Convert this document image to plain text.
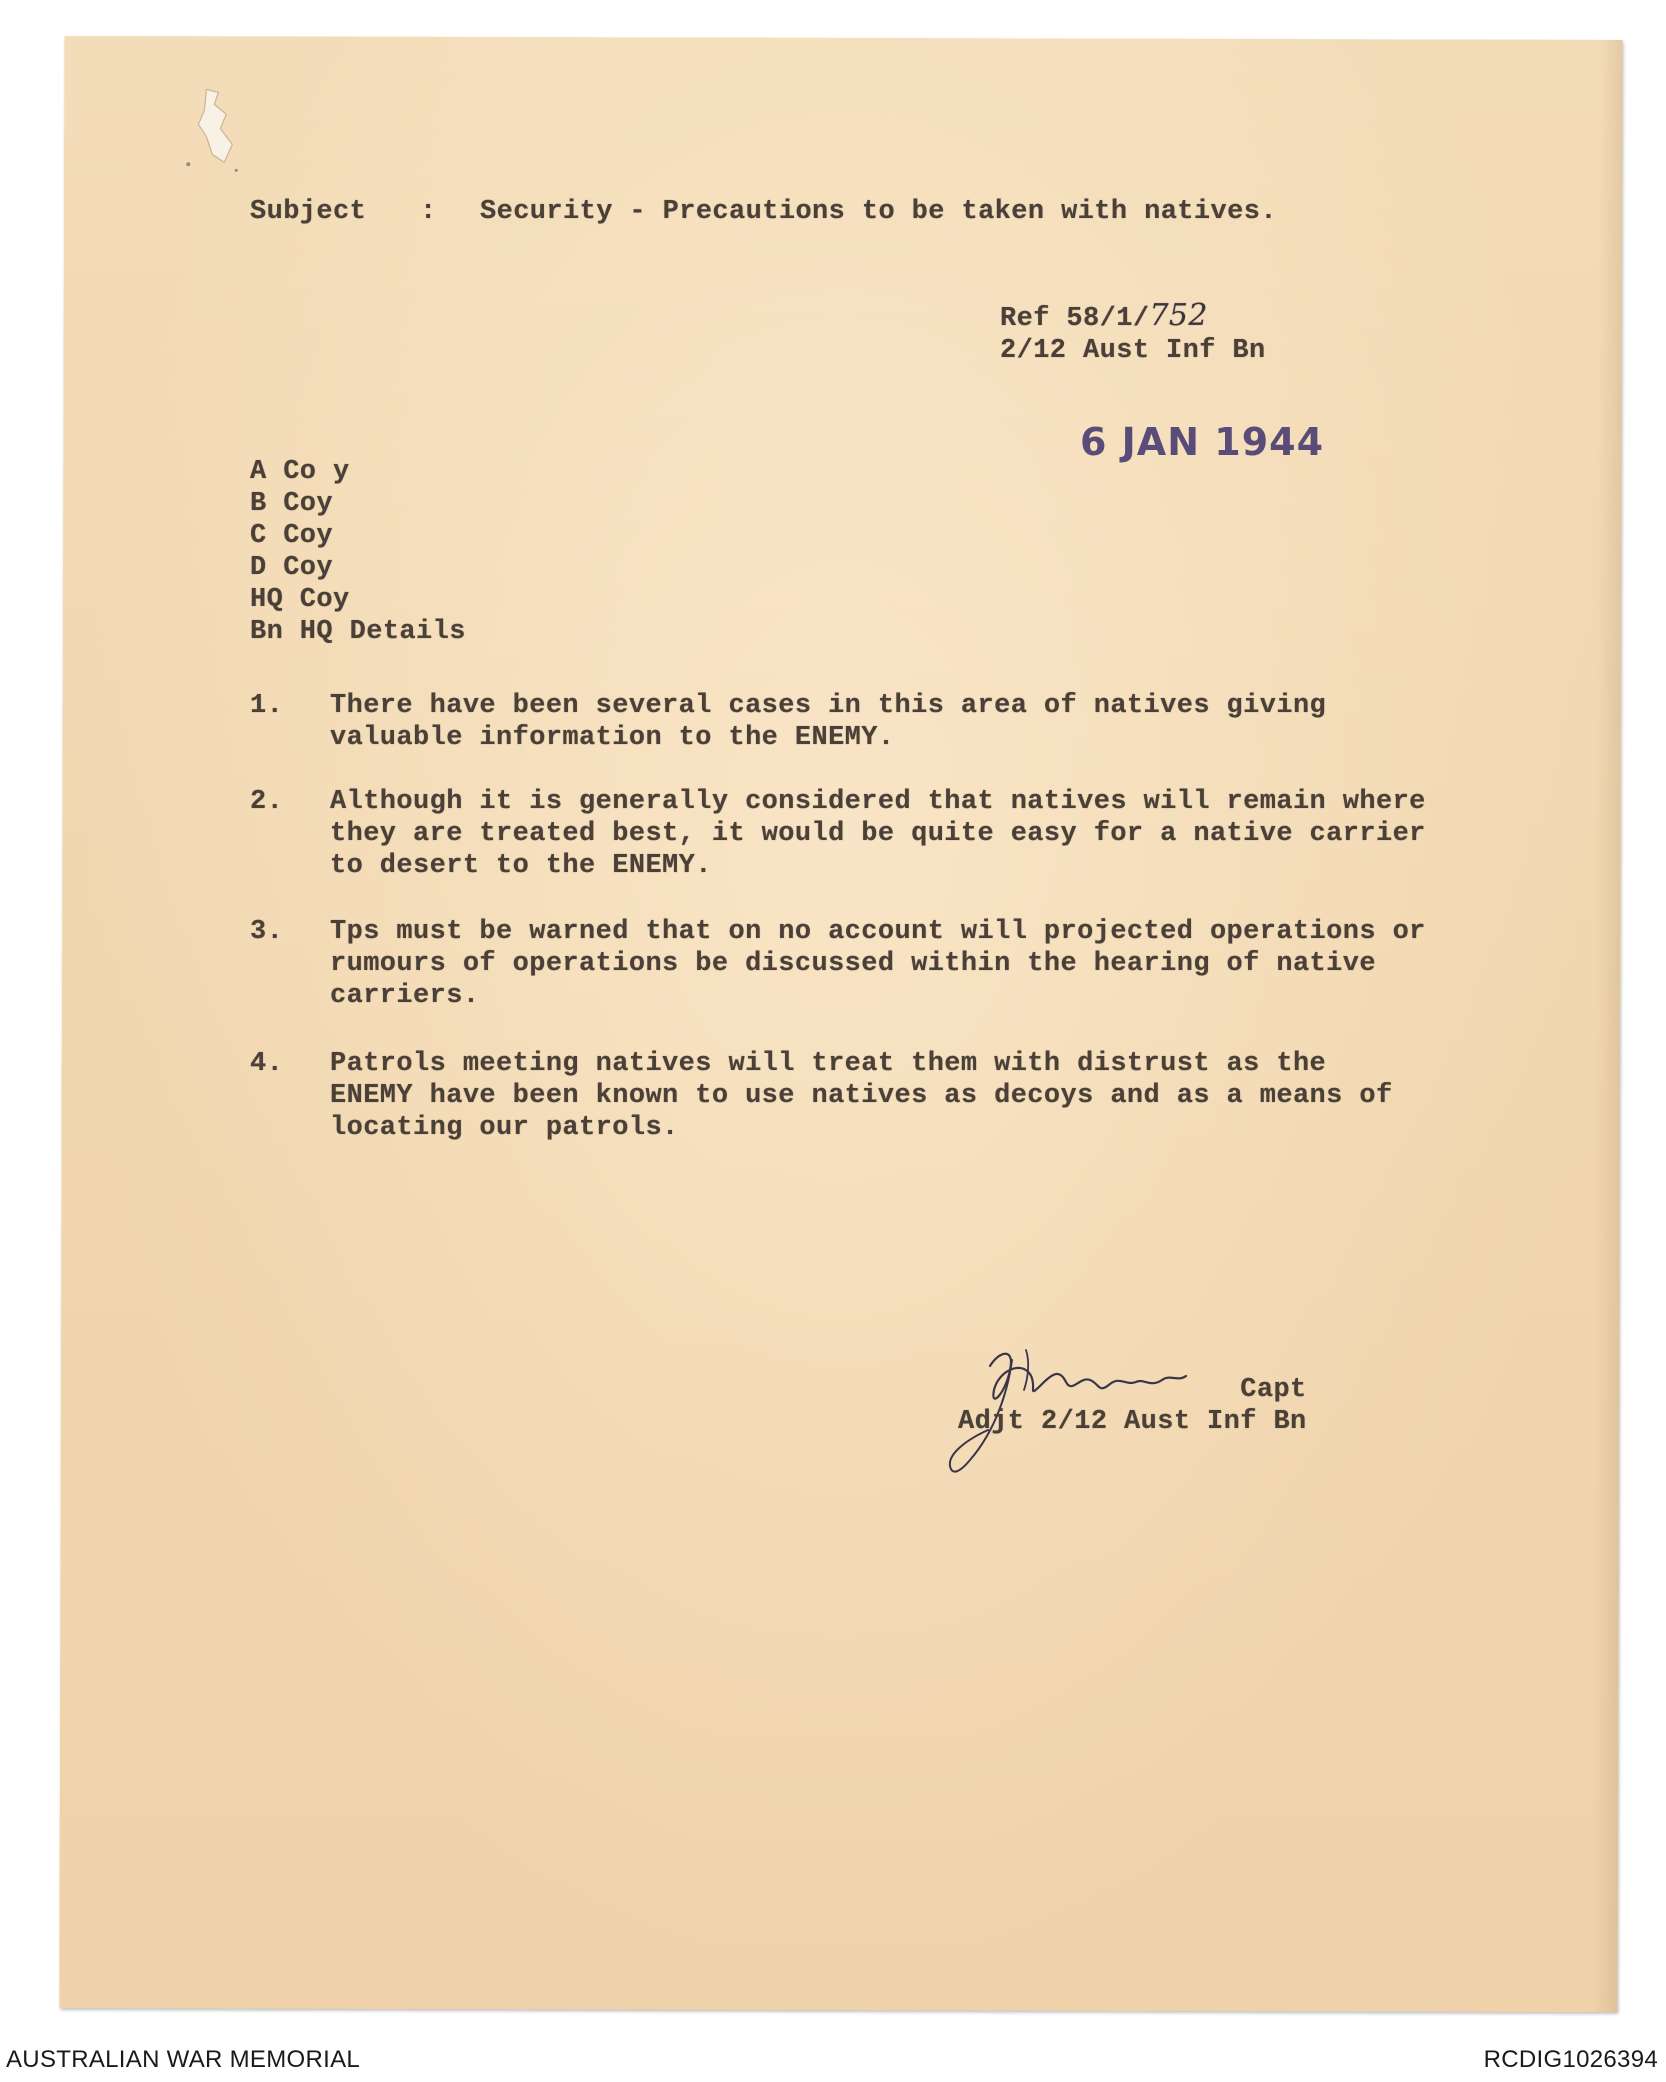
Subject : Security - Precautions to be taken with natives.
Ref 58/1/752
2/12 Aust Inf Bn
6 JAN 1944
A Co y
B Coy
C Coy
D Coy
HQ Coy
Bn HQ Details

1.

There have been several cases in this area of natives giving
valuable information to the ENEMY.

2.

Although it is generally considered that natives will remain where
they are treated best, it would be quite easy for a native carrier
to desert to the ENEMY.

3.

Tps must be warned that on no account will projected operations or
rumours of operations be discussed within the hearing of native
carriers.

4.

Patrols meeting natives will treat them with distrust as the
ENEMY have been known to use natives as decoys and as a means of
locating our patrols.

Capt
Adjt 2/12 Aust Inf Bn
AUSTRALIAN WAR MEMORIAL	RCDIG1026394
